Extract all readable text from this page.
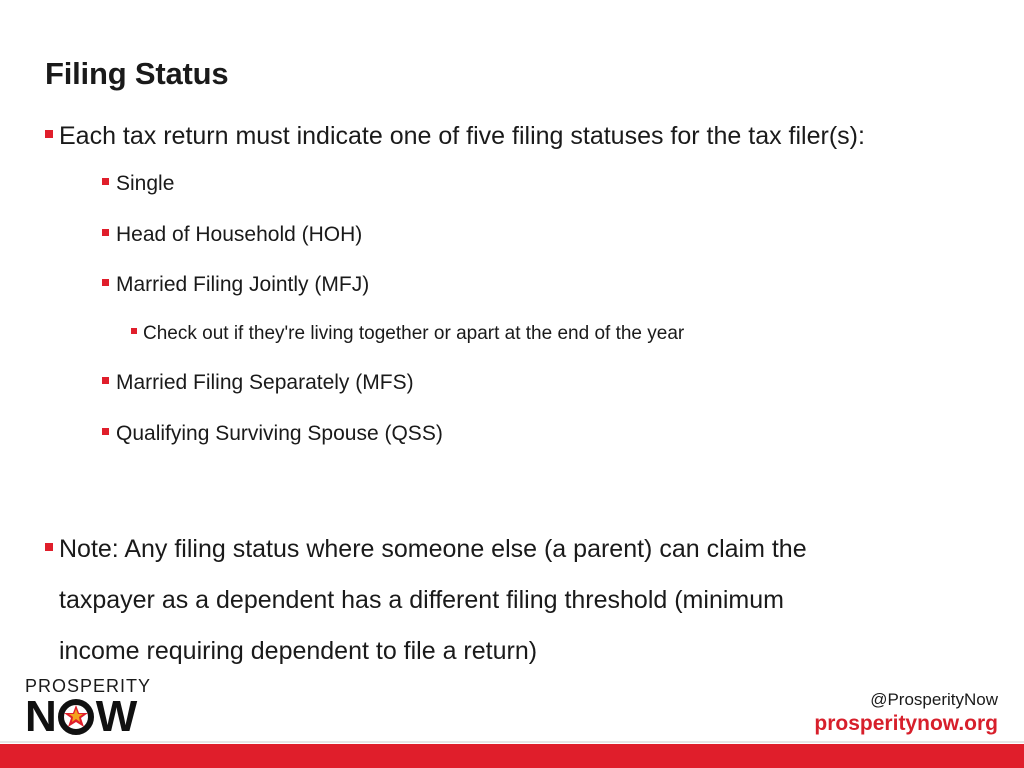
Filing Status
Each tax return must indicate one of five filing statuses for the tax filer(s):
Single
Head of Household (HOH)
Married Filing Jointly (MFJ)
Check out if they're living together or apart at the end of the year
Married Filing Separately (MFS)
Qualifying Surviving Spouse (QSS)
Note: Any filing status where someone else (a parent) can claim the
taxpayer as a dependent has a different filing threshold (minimum
income requiring dependent to file a return)
PROSPERITY
N W	@ProsperityNow
prosperitynow.org
